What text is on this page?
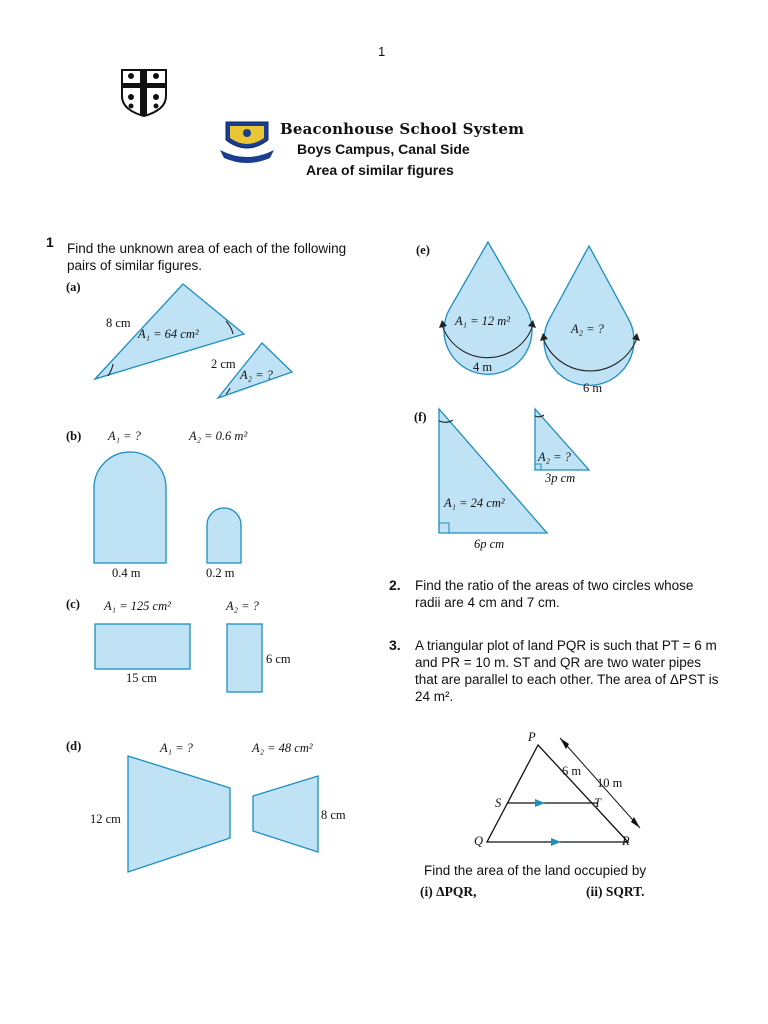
1
Beaconhouse School System
Boys Campus, Canal Side
Area of similar figures
1 Find the unknown area of each of the following
pairs of similar figures.
(a)
8 cm
A₁ = 64 cm²
2 cm
A₂ = ?
(b) A₁ = ?	A₂ = 0.6 m²
0.4 m	0.2 m
(c) A₁ = 125 cm²	A₂ = ?
15 cm
6 cm
(d)	A₁ = ?	A₂ = 48 cm²
12 cm	8 cm
(e)
A₁ = 12 m²
A₂ = ?
4 m
6 m
(f)
A₁ = 24 cm²
A₂ = ?
6p cm
3p cm
2. Find the ratio of the areas of two circles whose
radii are 4 cm and 7 cm.
3. A triangular plot of land PQR is such that PT = 6 m
and PR = 10 m. ST and QR are two water pipes
that are parallel to each other. The area of ΔPST is
24 m².
P
Q	R
S	T
6 m
10 m
Find the area of the land occupied by
(i) ΔPQR,	(ii) SQRT.
